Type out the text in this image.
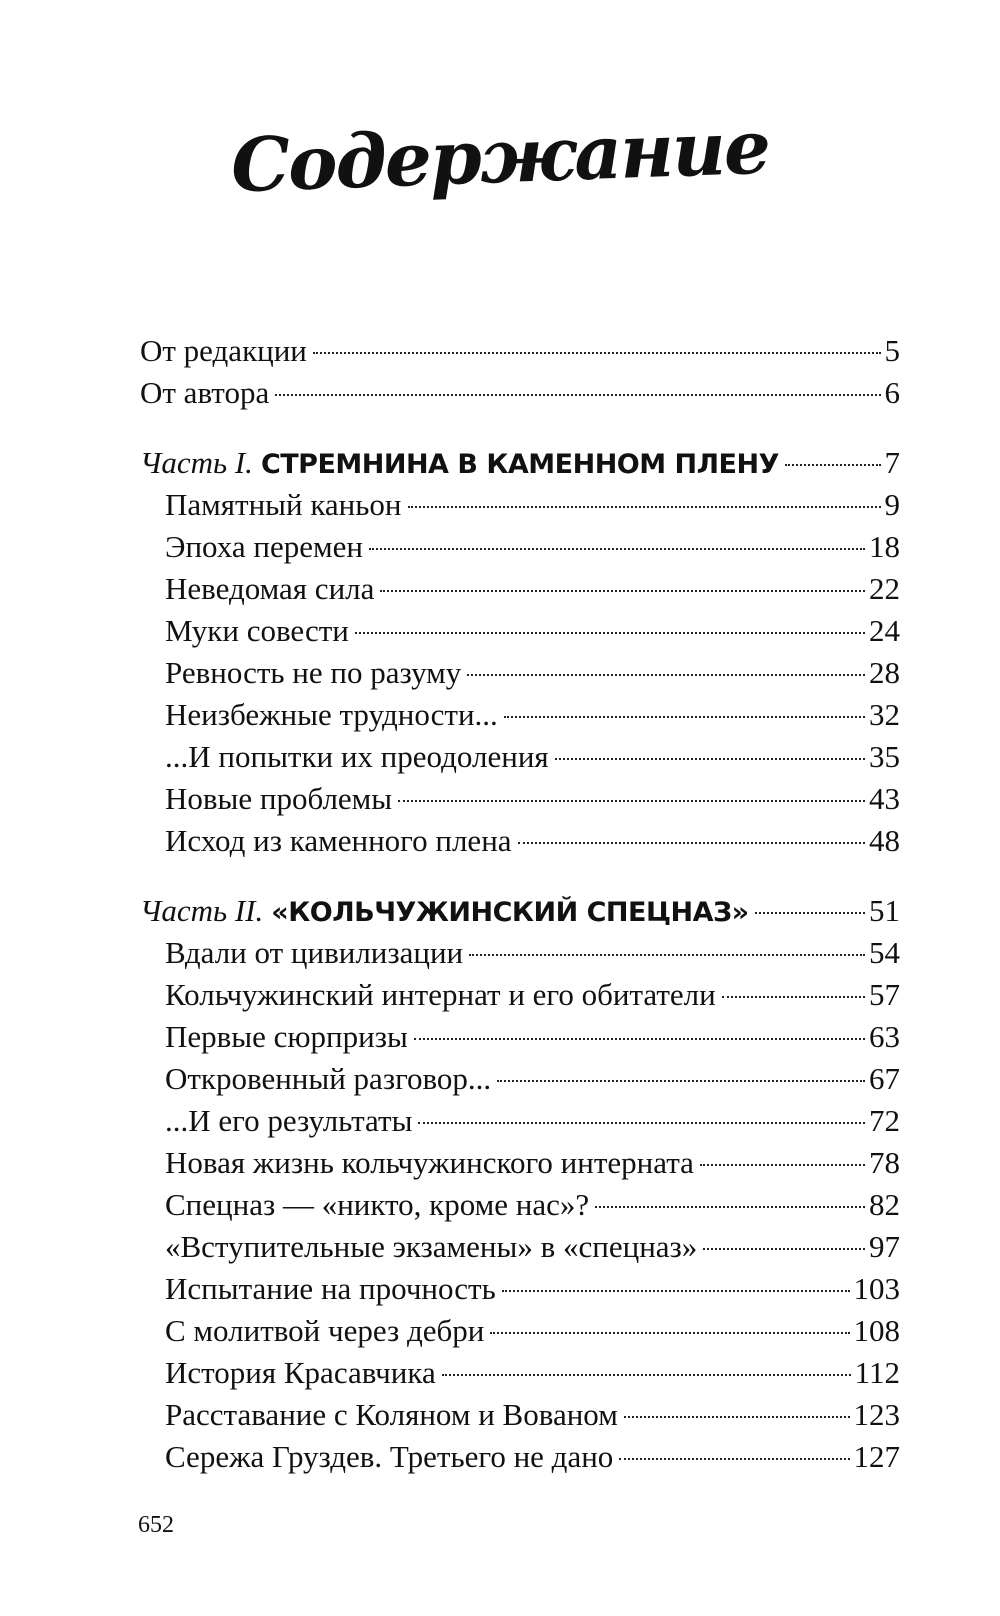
Содержание
От редакции	5
От автора	6
Часть I. СТРЕМНИНА В КАМЕННОМ ПЛЕНУ	7
Памятный каньон	9
Эпоха перемен	18
Неведомая сила	22
Муки совести	24
Ревность не по разуму	28
Неизбежные трудности...	32
...И попытки их преодоления	35
Новые проблемы	43
Исход из каменного плена	48
Часть II. «КОЛЬЧУЖИНСКИЙ СПЕЦНАЗ»	51
Вдали от цивилизации	54
Кольчужинский интернат и его обитатели	57
Первые сюрпризы	63
Откровенный разговор...	67
...И его результаты	72
Новая жизнь кольчужинского интерната	78
Спецназ — «никто, кроме нас»?	82
«Вступительные экзамены» в «спецназ»	97
Испытание на прочность	103
С молитвой через дебри	108
История Красавчика	112
Расставание с Коляном и Вованом	123
Сережа Груздев. Третьего не дано	127
652
